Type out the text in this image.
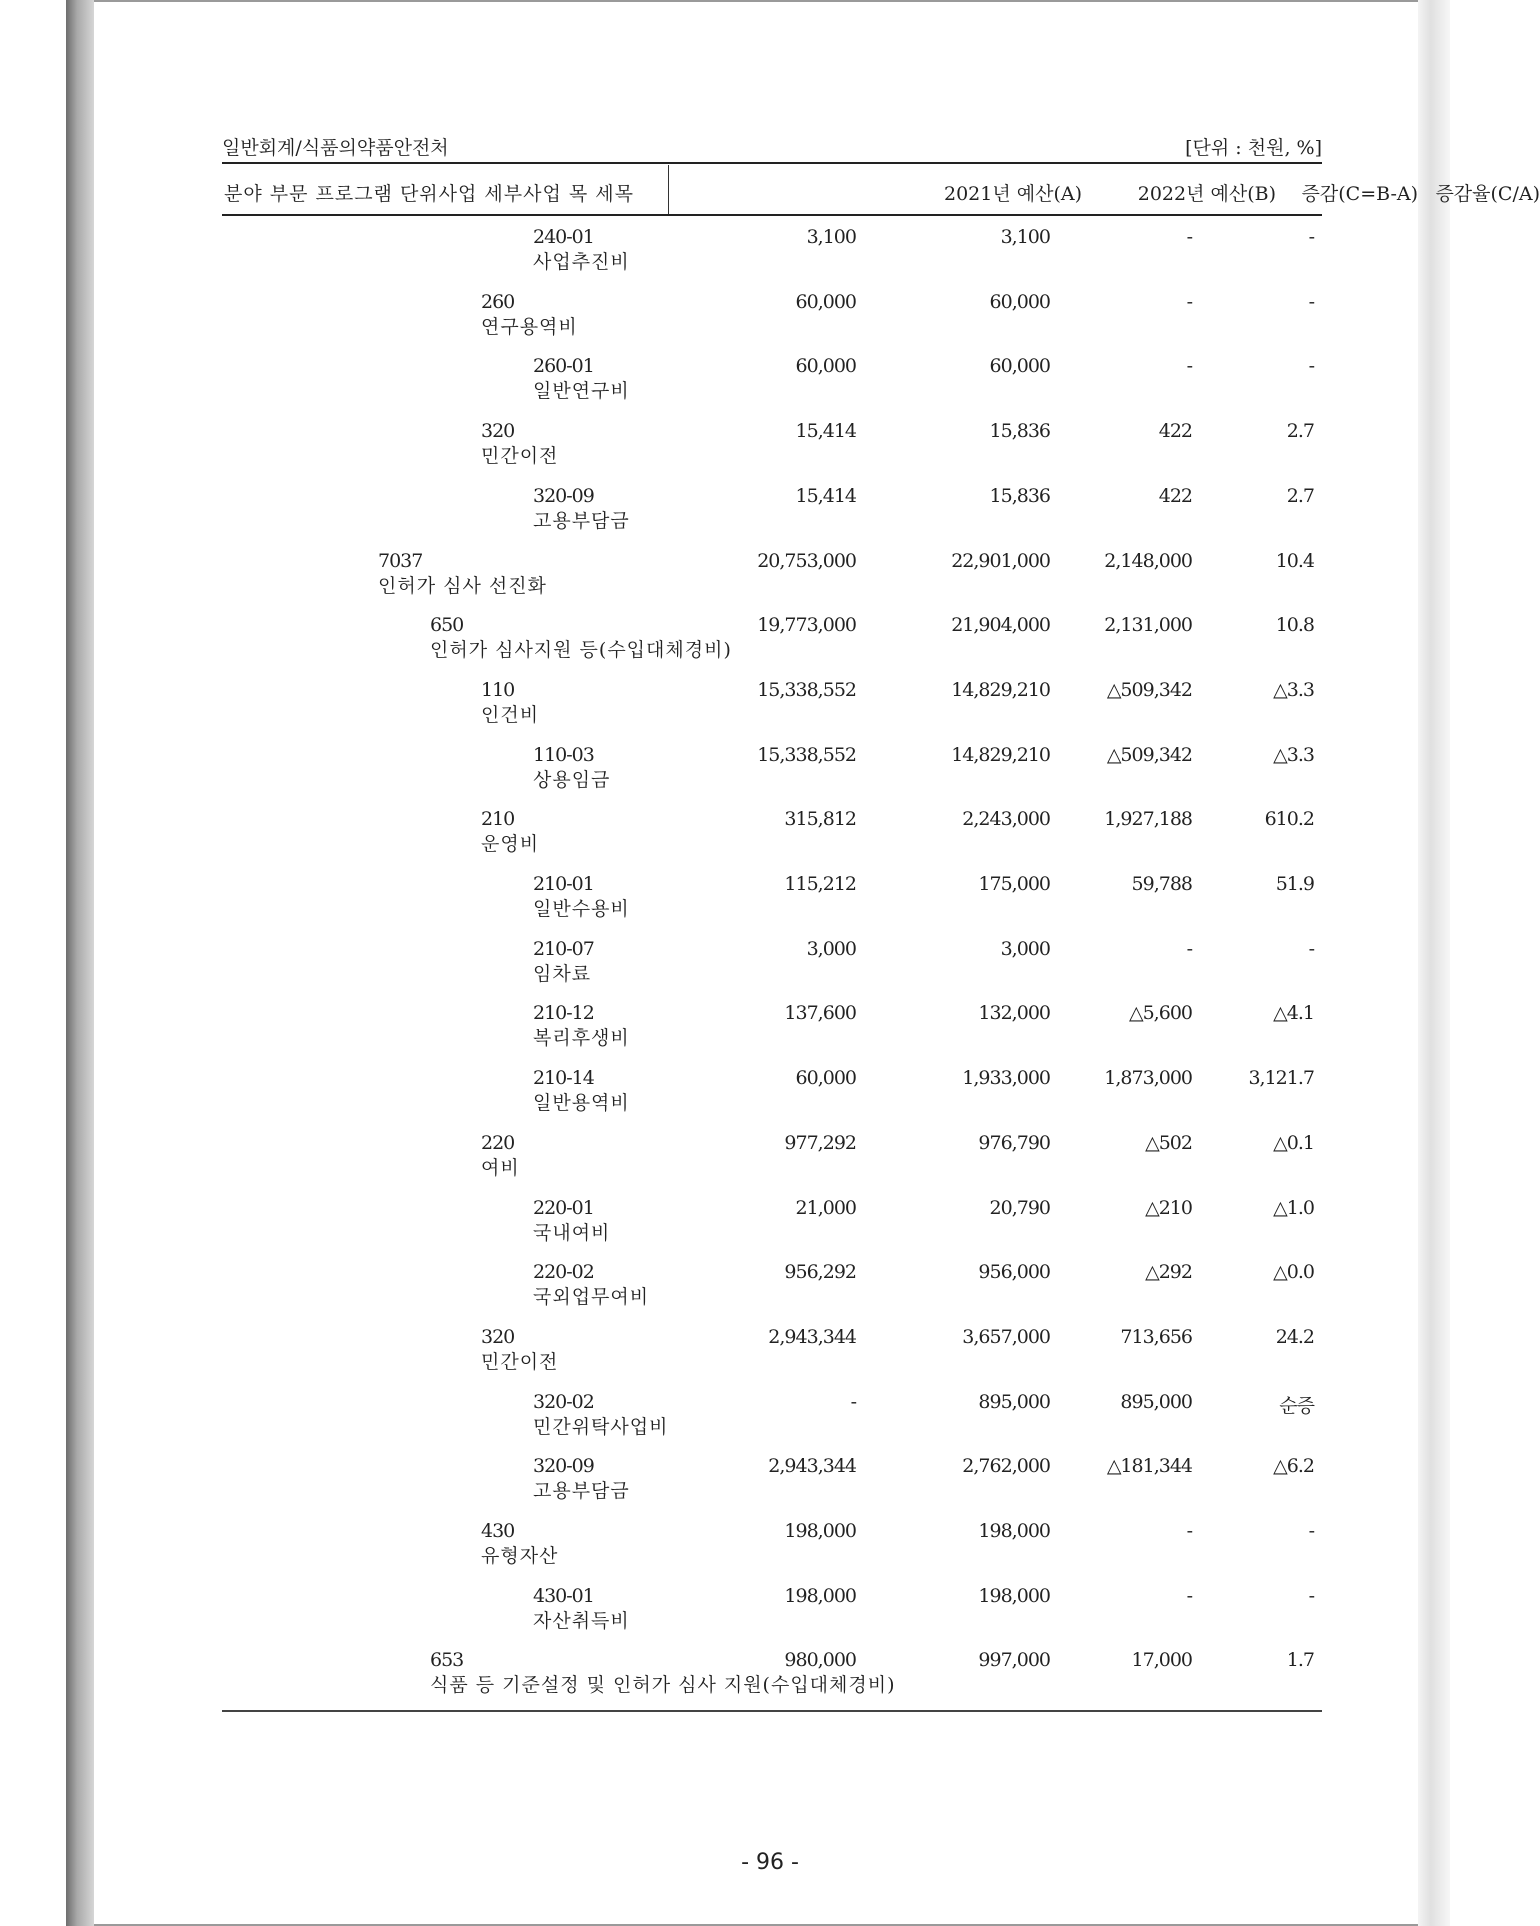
일반회계/식품의약품안전처	[단위 : 천원, %]
분야 부문 프로그램 단위사업 세부사업 목 세목	2021년 예산(A)	2022년 예산(B)	증감(C=B-A) 증감율(C/A)
240-01
사업추진비
3,100	3,100	-	-
260
연구용역비
60,000	60,000	-	-
260-01
일반연구비
60,000	60,000	-	-
320
민간이전
15,414	15,836	422	2.7
320-09
고용부담금
15,414	15,836	422	2.7
7037
인허가 심사 선진화
20,753,000	22,901,000	2,148,000	10.4
650
인허가 심사지원 등(수입대체경비)
19,773,000	21,904,000	2,131,000	10.8
110
인건비
15,338,552	14,829,210	△509,342	△3.3
110-03
상용임금
15,338,552	14,829,210	△509,342	△3.3
210
운영비
315,812	2,243,000	1,927,188	610.2
210-01
일반수용비
115,212	175,000	59,788	51.9
210-07
임차료
3,000	3,000	-	-
210-12
복리후생비
137,600	132,000	△5,600	△4.1
210-14
일반용역비
60,000	1,933,000	1,873,000	3,121.7
220
여비
977,292	976,790	△502	△0.1
220-01
국내여비
21,000	20,790	△210	△1.0
220-02
국외업무여비
956,292	956,000	△292	△0.0
320
민간이전
2,943,344	3,657,000	713,656	24.2
320-02
민간위탁사업비
-	895,000	895,000	순증
320-09
고용부담금
2,943,344	2,762,000	△181,344	△6.2
430
유형자산
198,000	198,000	-	-
430-01
자산취득비
198,000	198,000	-	-
653
식품 등 기준설정 및 인허가 심사 지원(수입대체경비)
980,000	997,000	17,000	1.7
- 96 -
